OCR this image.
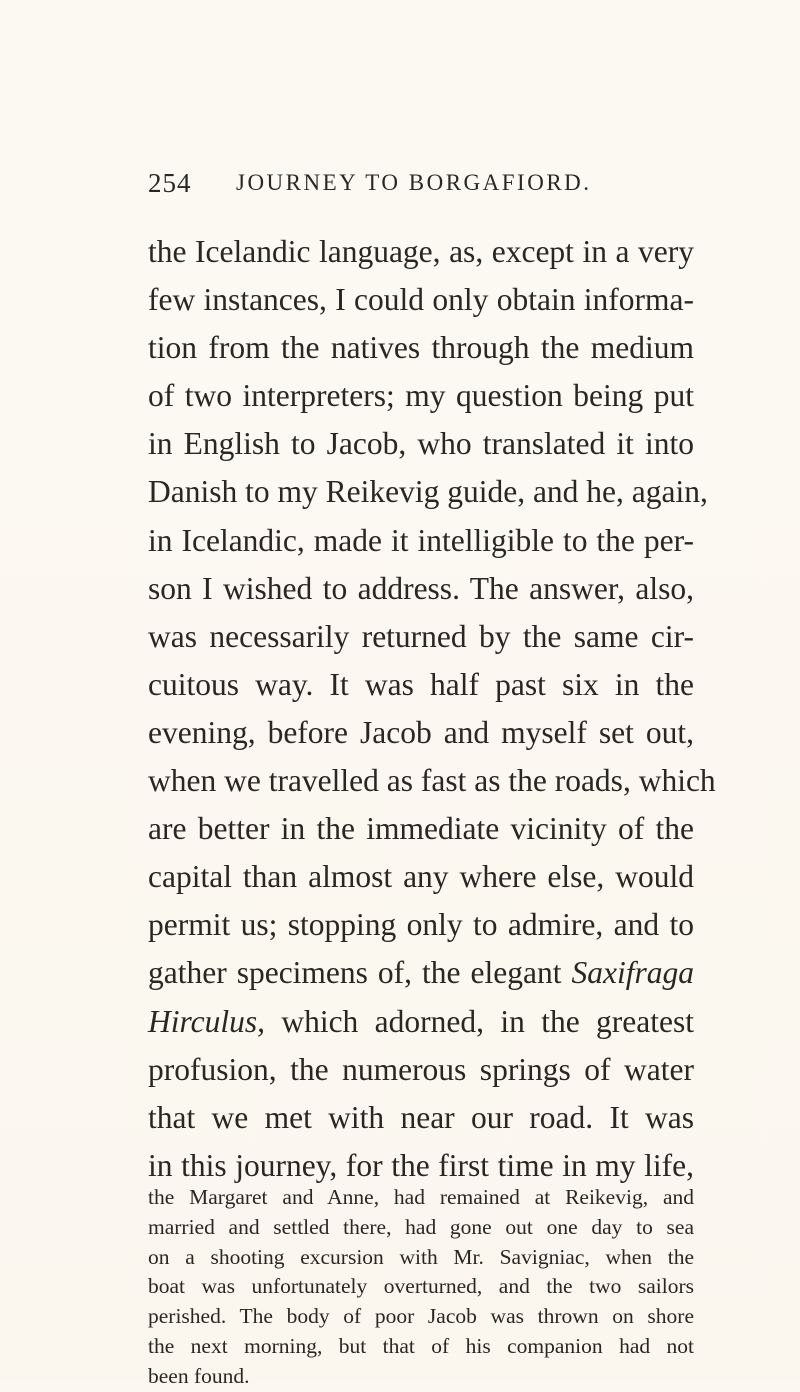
254 JOURNEY TO BORGAFIORD.
the Icelandic language, as, except in a very
few instances, I could only obtain informa-
tion from the natives through the medium
of two interpreters; my question being put
in English to Jacob, who translated it into
Danish to my Reikevig guide, and he, again,
in Icelandic, made it intelligible to the per-
son I wished to address. The answer, also,
was necessarily returned by the same cir-
cuitous way. It was half past six in the
evening, before Jacob and myself set out,
when we travelled as fast as the roads, which
are better in the immediate vicinity of the
capital than almost any where else, would
permit us; stopping only to admire, and to
gather specimens of, the elegant Saxifraga
Hirculus, which adorned, in the greatest
profusion, the numerous springs of water
that we met with near our road. It was
in this journey, for the first time in my life,
the Margaret and Anne, had remained at Reikevig, and
married and settled there, had gone out one day to sea
on a shooting excursion with Mr. Savigniac, when the
boat was unfortunately overturned, and the two sailors
perished. The body of poor Jacob was thrown on shore
the next morning, but that of his companion had not
been found.
